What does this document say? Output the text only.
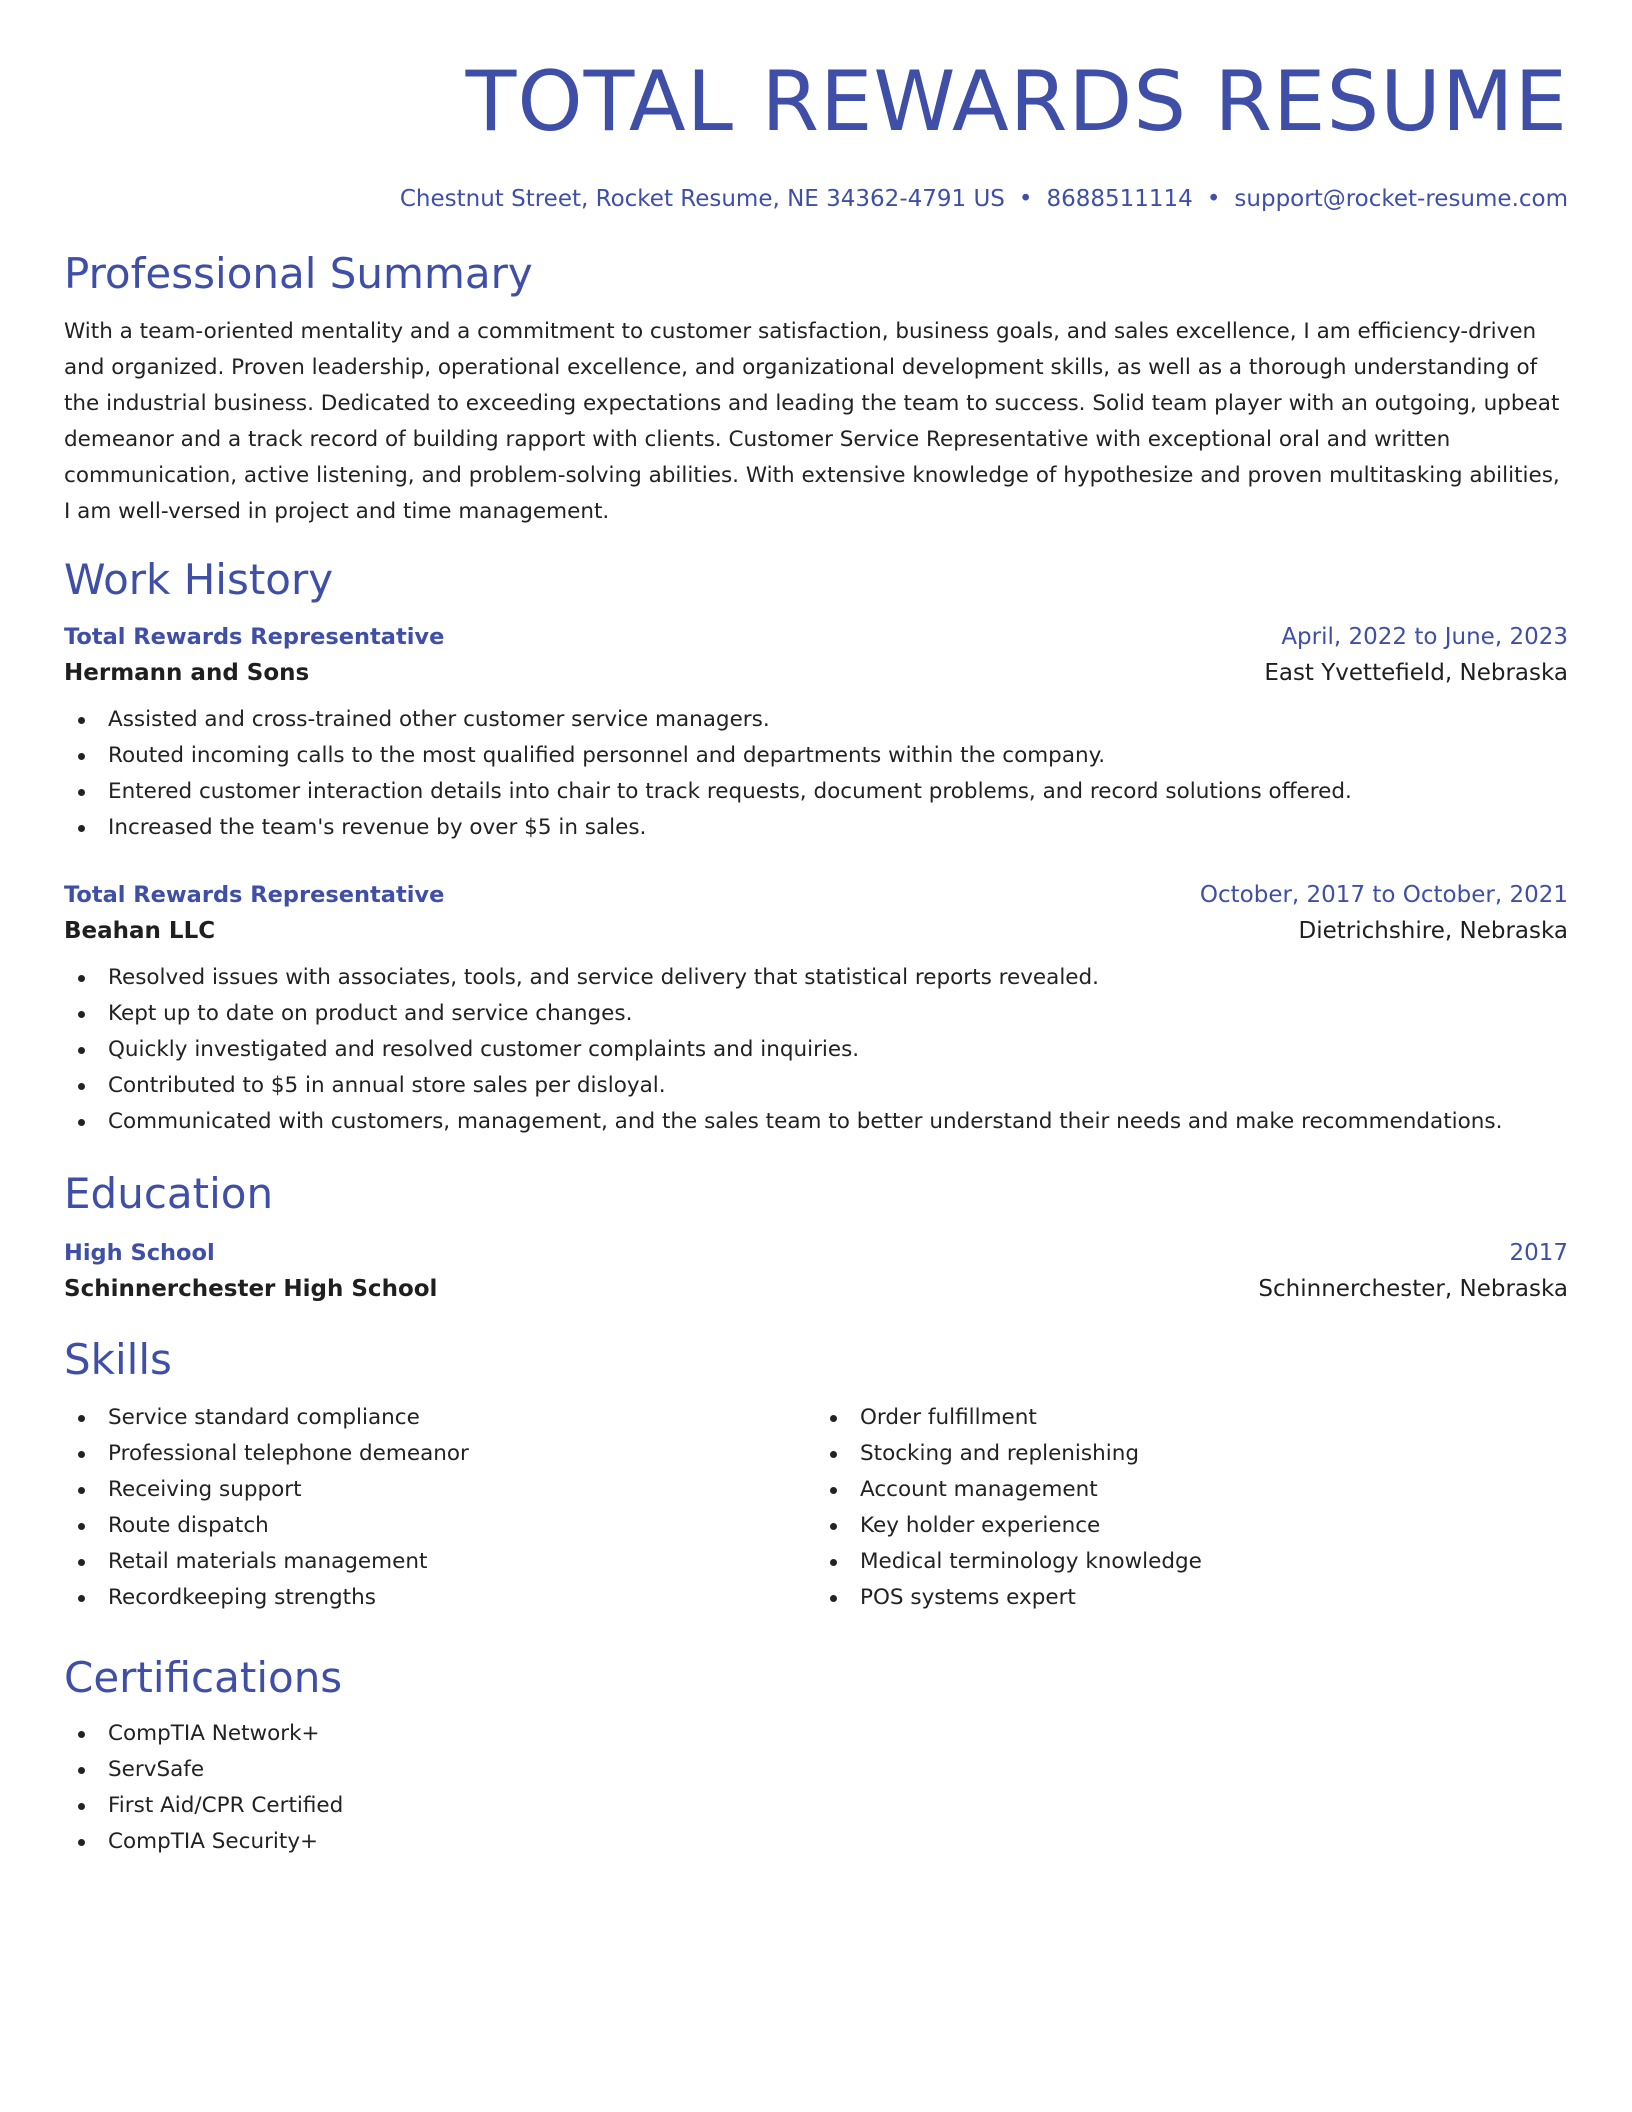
TOTAL REWARDS RESUME
Chestnut Street, Rocket Resume, NE 34362-4791 US • 8688511114 • support@rocket-resume.com
Professional Summary
With a team-oriented mentality and a commitment to customer satisfaction, business goals, and sales excellence, I am efficiency-driven and organized. Proven leadership, operational excellence, and organizational development skills, as well as a thorough understanding of the industrial business. Dedicated to exceeding expectations and leading the team to success. Solid team player with an outgoing, upbeat demeanor and a track record of building rapport with clients. Customer Service Representative with exceptional oral and written communication, active listening, and problem-solving abilities. With extensive knowledge of hypothesize and proven multitasking abilities, I am well-versed in project and time management.
Work History
Total Rewards Representative	April, 2022 to June, 2023
Hermann and Sons	East Yvettefield, Nebraska
Assisted and cross-trained other customer service managers.
Routed incoming calls to the most qualified personnel and departments within the company.
Entered customer interaction details into chair to track requests, document problems, and record solutions offered.
Increased the team's revenue by over $5 in sales.
Total Rewards Representative	October, 2017 to October, 2021
Beahan LLC	Dietrichshire, Nebraska
Resolved issues with associates, tools, and service delivery that statistical reports revealed.
Kept up to date on product and service changes.
Quickly investigated and resolved customer complaints and inquiries.
Contributed to $5 in annual store sales per disloyal.
Communicated with customers, management, and the sales team to better understand their needs and make recommendations.
Education
High School	2017
Schinnerchester High School	Schinnerchester, Nebraska
Skills
Service standard compliance
Professional telephone demeanor
Receiving support
Route dispatch
Retail materials management
Recordkeeping strengths
Order fulfillment
Stocking and replenishing
Account management
Key holder experience
Medical terminology knowledge
POS systems expert
Certifications
CompTIA Network+
ServSafe
First Aid/CPR Certified
CompTIA Security+
